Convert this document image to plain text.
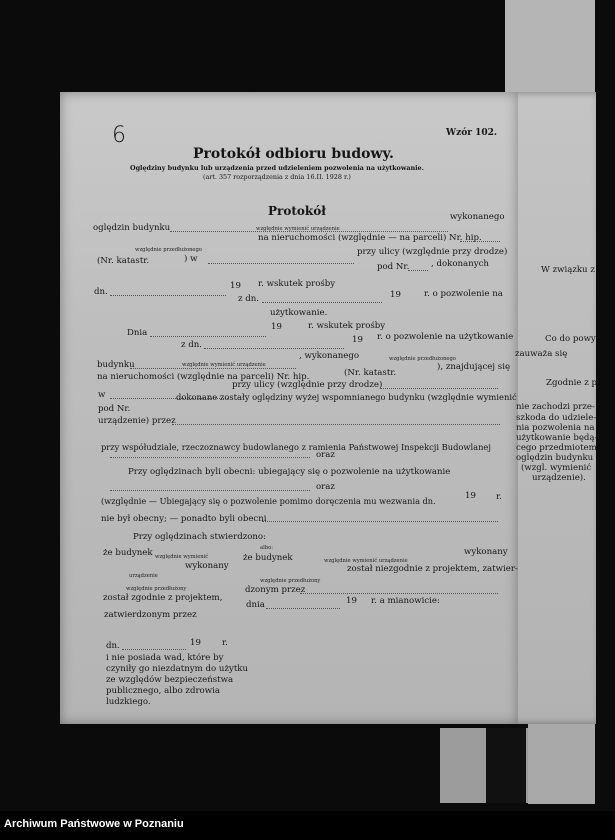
6	Wzór 102.
Protokół odbioru budowy.
Oględziny budynku lub urządzenia przed udzieleniem pozwolenia na użytkowanie.
(art. 357 rozporządzenia z dnia 16.II. 1928 r.)
Protokół
oględzin budynku	względnie wymienić urządzenie
wykonanego
na nieruchomości (względnie — na parceli) Nr. hip.
względnie przedłużonego
(Nr. katastr.	) w
przy ulicy (względnie przy drodze)
pod Nr.	, dokonanych
dn.
19 r. wskutek prośby
z dn.	19	r. o pozwolenie na
użytkowanie.
Dnia
19	r. wskutek prośby
z dn.	19 r. o pozwolenie na użytkowanie
względnie wymienić urządzenie
względnie przedłużonego
budynku
, wykonanego
na nieruchomości (względnie na parceli) Nr. hip.	(Nr. katastr.
), znajdującej się
w
przy ulicy (względnie przy drodze)
pod Nr.
dokonane zostały oględziny wyżej wspomnianego budynku (względnie wymienić
urządzenie) przez
przy współudziale, rzeczoznawcy budowlanego z ramienia Państwowej Inspekcji Budowlanej
oraz
Przy oględzinach byli obecni: ubiegający się o pozwolenie na użytkowanie
oraz
(względnie — Ubiegający się o pozwolenie pomimo doręczenia mu wezwania dn.	19 r.
nie był obecny; — ponadto byli obecni
Przy oględzinach stwierdzono:
że budynek względnie wymienić
wykonany
urządzenie
względnie przedłużony
został zgodnie z projektem,
zatwierdzonym przez
dn.	19 r.
i nie posiada wad, które by
czyniły go niezdatnym do użytku
ze względów bezpieczeństwa
publicznego, albo zdrowia
ludzkiego.
albo:
że budynek	względnie wymienić urządzenie
wykonany
został niezgodnie z projektem, zatwier-
względnie przedłużony
dzonym przez
dnia	19 r. a mianowicie:
W związku z
Co do powy
zauważa się
Zgodnie z p
nie zachodzi prze-
szkoda do udziele-
nia pozwolenia na
użytkowanie będą-
cego przedmiotem
oględzin budynku
(wzgl. wymienić
urządzenie).
Archiwum Państwowe w Poznaniu
